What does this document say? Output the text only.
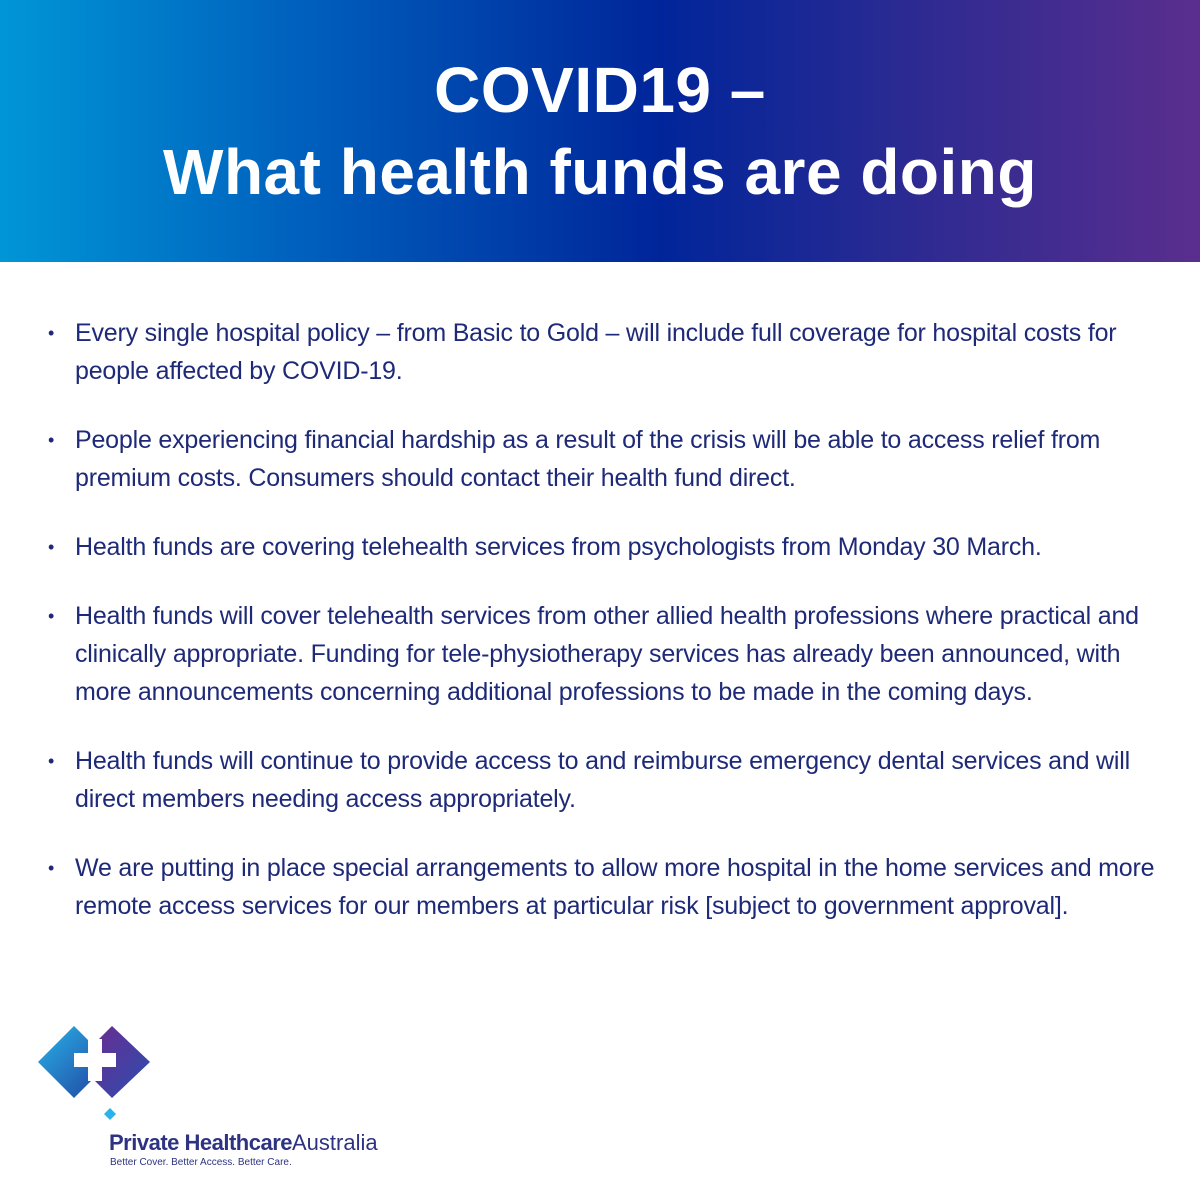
COVID19 –
What health funds are doing
• Every single hospital policy – from Basic to Gold – will include full coverage for hospital costs for people affected by COVID-19.
• People experiencing financial hardship as a result of the crisis will be able to access relief from premium costs. Consumers should contact their health fund direct.
• Health funds are covering telehealth services from psychologists from Monday 30 March.
• Health funds will cover telehealth services from other allied health professions where practical and clinically appropriate. Funding for tele-physiotherapy services has already been announced, with more announcements concerning additional professions to be made in the coming days.
• Health funds will continue to provide access to and reimburse emergency dental services and will direct members needing access appropriately.
• We are putting in place special arrangements to allow more hospital in the home services and more remote access services for our members at particular risk [subject to government approval].
Private HealthcareAustralia
Better Cover. Better Access. Better Care.
